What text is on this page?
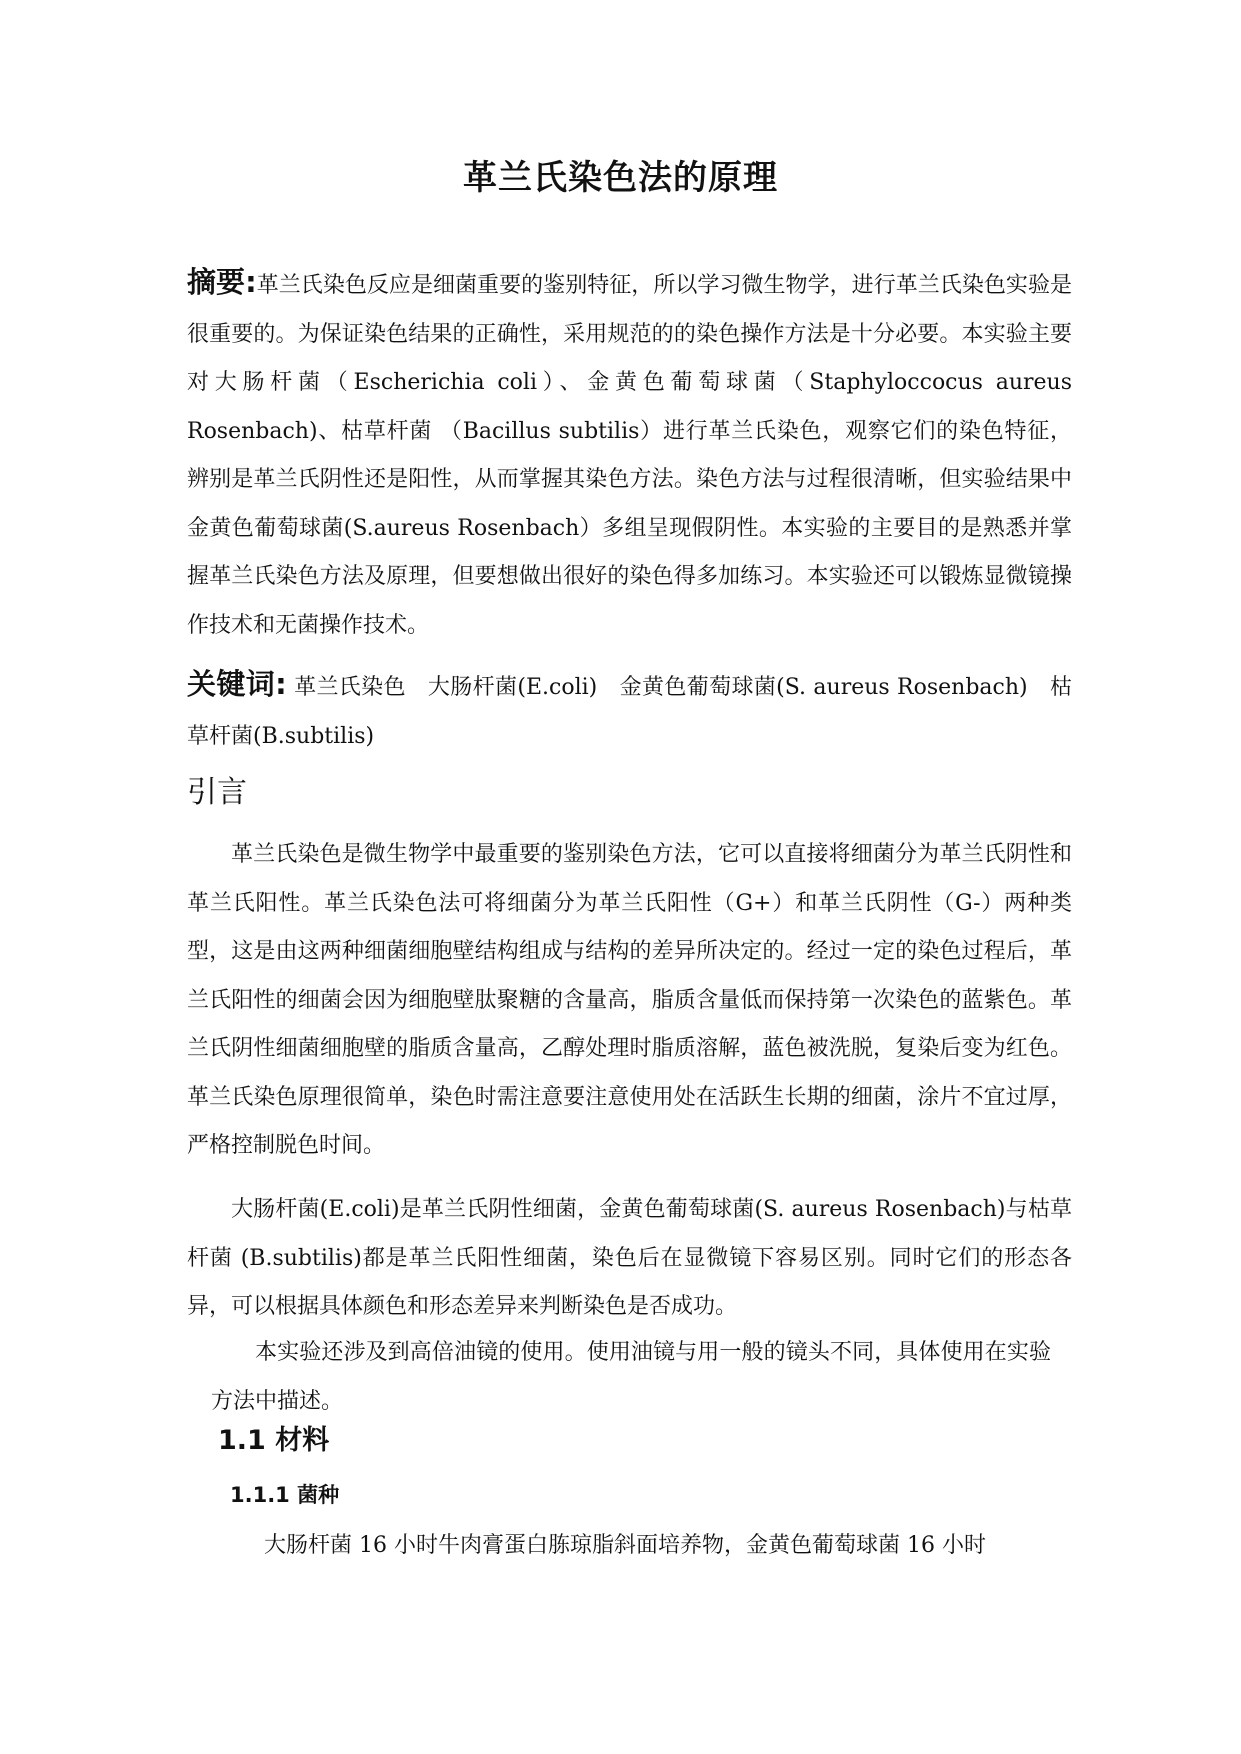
革兰氏染色法的原理

摘要:革兰氏染色反应是细菌重要的鉴别特征，所以学习微生物学，进行革兰氏染色实验是很重要的。为保证染色结果的正确性，采用规范的的染色操作方法是十分必要。本实验主要对大肠杆菌（Escherichia coli）、金黄色葡萄球菌（Staphyloccocus aureus Rosenbach)、枯草杆菌 （Bacillus subtilis）进行革兰氏染色，观察它们的染色特征，辨别是革兰氏阴性还是阳性，从而掌握其染色方法。染色方法与过程很清晰，但实验结果中金黄色葡萄球菌(S.aureus Rosenbach）多组呈现假阴性。本实验的主要目的是熟悉并掌握革兰氏染色方法及原理，但要想做出很好的染色得多加练习。本实验还可以锻炼显微镜操作技术和无菌操作技术。

关键词: 革兰氏染色 大肠杆菌(E.coli) 金黄色葡萄球菌(S. aureus Rosenbach) 枯草杆菌(B.subtilis)

引言

革兰氏染色是微生物学中最重要的鉴别染色方法，它可以直接将细菌分为革兰氏阴性和革兰氏阳性。革兰氏染色法可将细菌分为革兰氏阳性（G+）和革兰氏阴性（G-）两种类型，这是由这两种细菌细胞壁结构组成与结构的差异所决定的。经过一定的染色过程后，革兰氏阳性的细菌会因为细胞壁肽聚糖的含量高，脂质含量低而保持第一次染色的蓝紫色。革兰氏阴性细菌细胞壁的脂质含量高，乙醇处理时脂质溶解，蓝色被洗脱，复染后变为红色。革兰氏染色原理很简单，染色时需注意要注意使用处在活跃生长期的细菌，涂片不宜过厚，严格控制脱色时间。

大肠杆菌(E.coli)是革兰氏阴性细菌，金黄色葡萄球菌(S. aureus Rosenbach)与枯草杆菌 (B.subtilis)都是革兰氏阳性细菌，染色后在显微镜下容易区别。同时它们的形态各异，可以根据具体颜色和形态差异来判断染色是否成功。

本实验还涉及到高倍油镜的使用。使用油镜与用一般的镜头不同，具体使用在实验方法中描述。

1.1 材料
1.1.1 菌种

大肠杆菌 16 小时牛肉膏蛋白胨琼脂斜面培养物，金黄色葡萄球菌 16 小时
